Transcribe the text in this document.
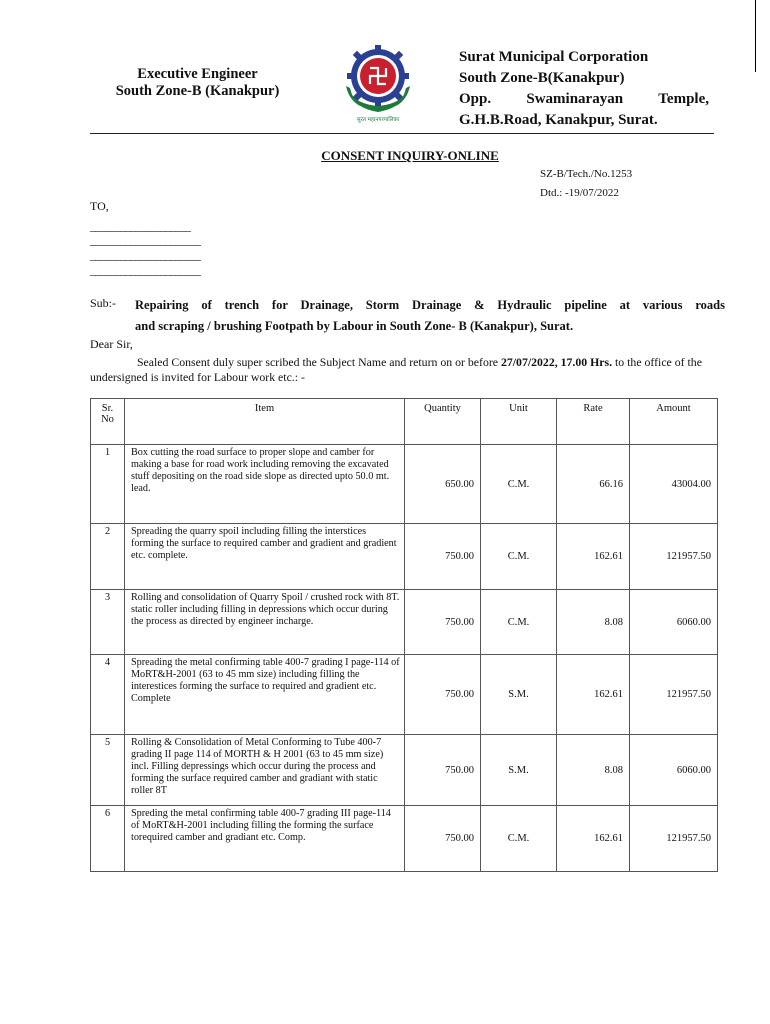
Executive Engineer
South Zone-B (Kanakpur)
सुरत महानगरपालिका
Surat Municipal Corporation
South Zone-B(Kanakpur)
Opp. Swaminarayan Temple,
G.H.B.Road, Kanakpur, Surat.
CONSENT INQUIRY-ONLINE
SZ-B/Tech./No.1253
Dtd.: -19/07/2022
TO,
____________________
______________________
______________________
______________________
Sub:- Repairing of trench for Drainage, Storm Drainage & Hydraulic pipeline at various roads
and scraping / brushing Footpath by Labour in South Zone- B (Kanakpur), Surat.
Dear Sir,
Sealed Consent duly super scribed the Subject Name and return on or before 27/07/2022, 17.00 Hrs. to the office of the undersigned is invited for Labour work etc.: -
Sr.
No	Item	Quantity	Unit	Rate	Amount
1	Box cutting the road surface to proper slope and camber for making a base for road work including removing the excavated stuff depositing on the road side slope as directed upto 50.0 mt. lead.	650.00	C.M.	66.16	43004.00
2	Spreading the quarry spoil including filling the interstices forming the surface to required camber and gradient and gradient etc. complete.	750.00	C.M.	162.61	121957.50
3	Rolling and consolidation of Quarry Spoil / crushed rock with 8T. static roller including filling in depressions which occur during the process as directed by engineer incharge.	750.00	C.M.	8.08	6060.00
4	Spreading the metal confirming table 400-7 grading I page-114 of MoRT&H-2001 (63 to 45 mm size) including filling the interestices forming the surface to required and gradient etc. Complete	750.00	S.M.	162.61	121957.50
5	Rolling & Consolidation of Metal Conforming to Tube 400-7 grading II page 114 of MORTH & H 2001 (63 to 45 mm size) incl. Filling depressings which occur during the process and forming the surface required camber and gradiant with static roller 8T	750.00	S.M.	8.08	6060.00
6	Spreding the metal confirming table 400-7 grading III page-114 of MoRT&H-2001 including filling the forming the surface torequired camber and gradiant etc. Comp.	750.00	C.M.	162.61	121957.50
